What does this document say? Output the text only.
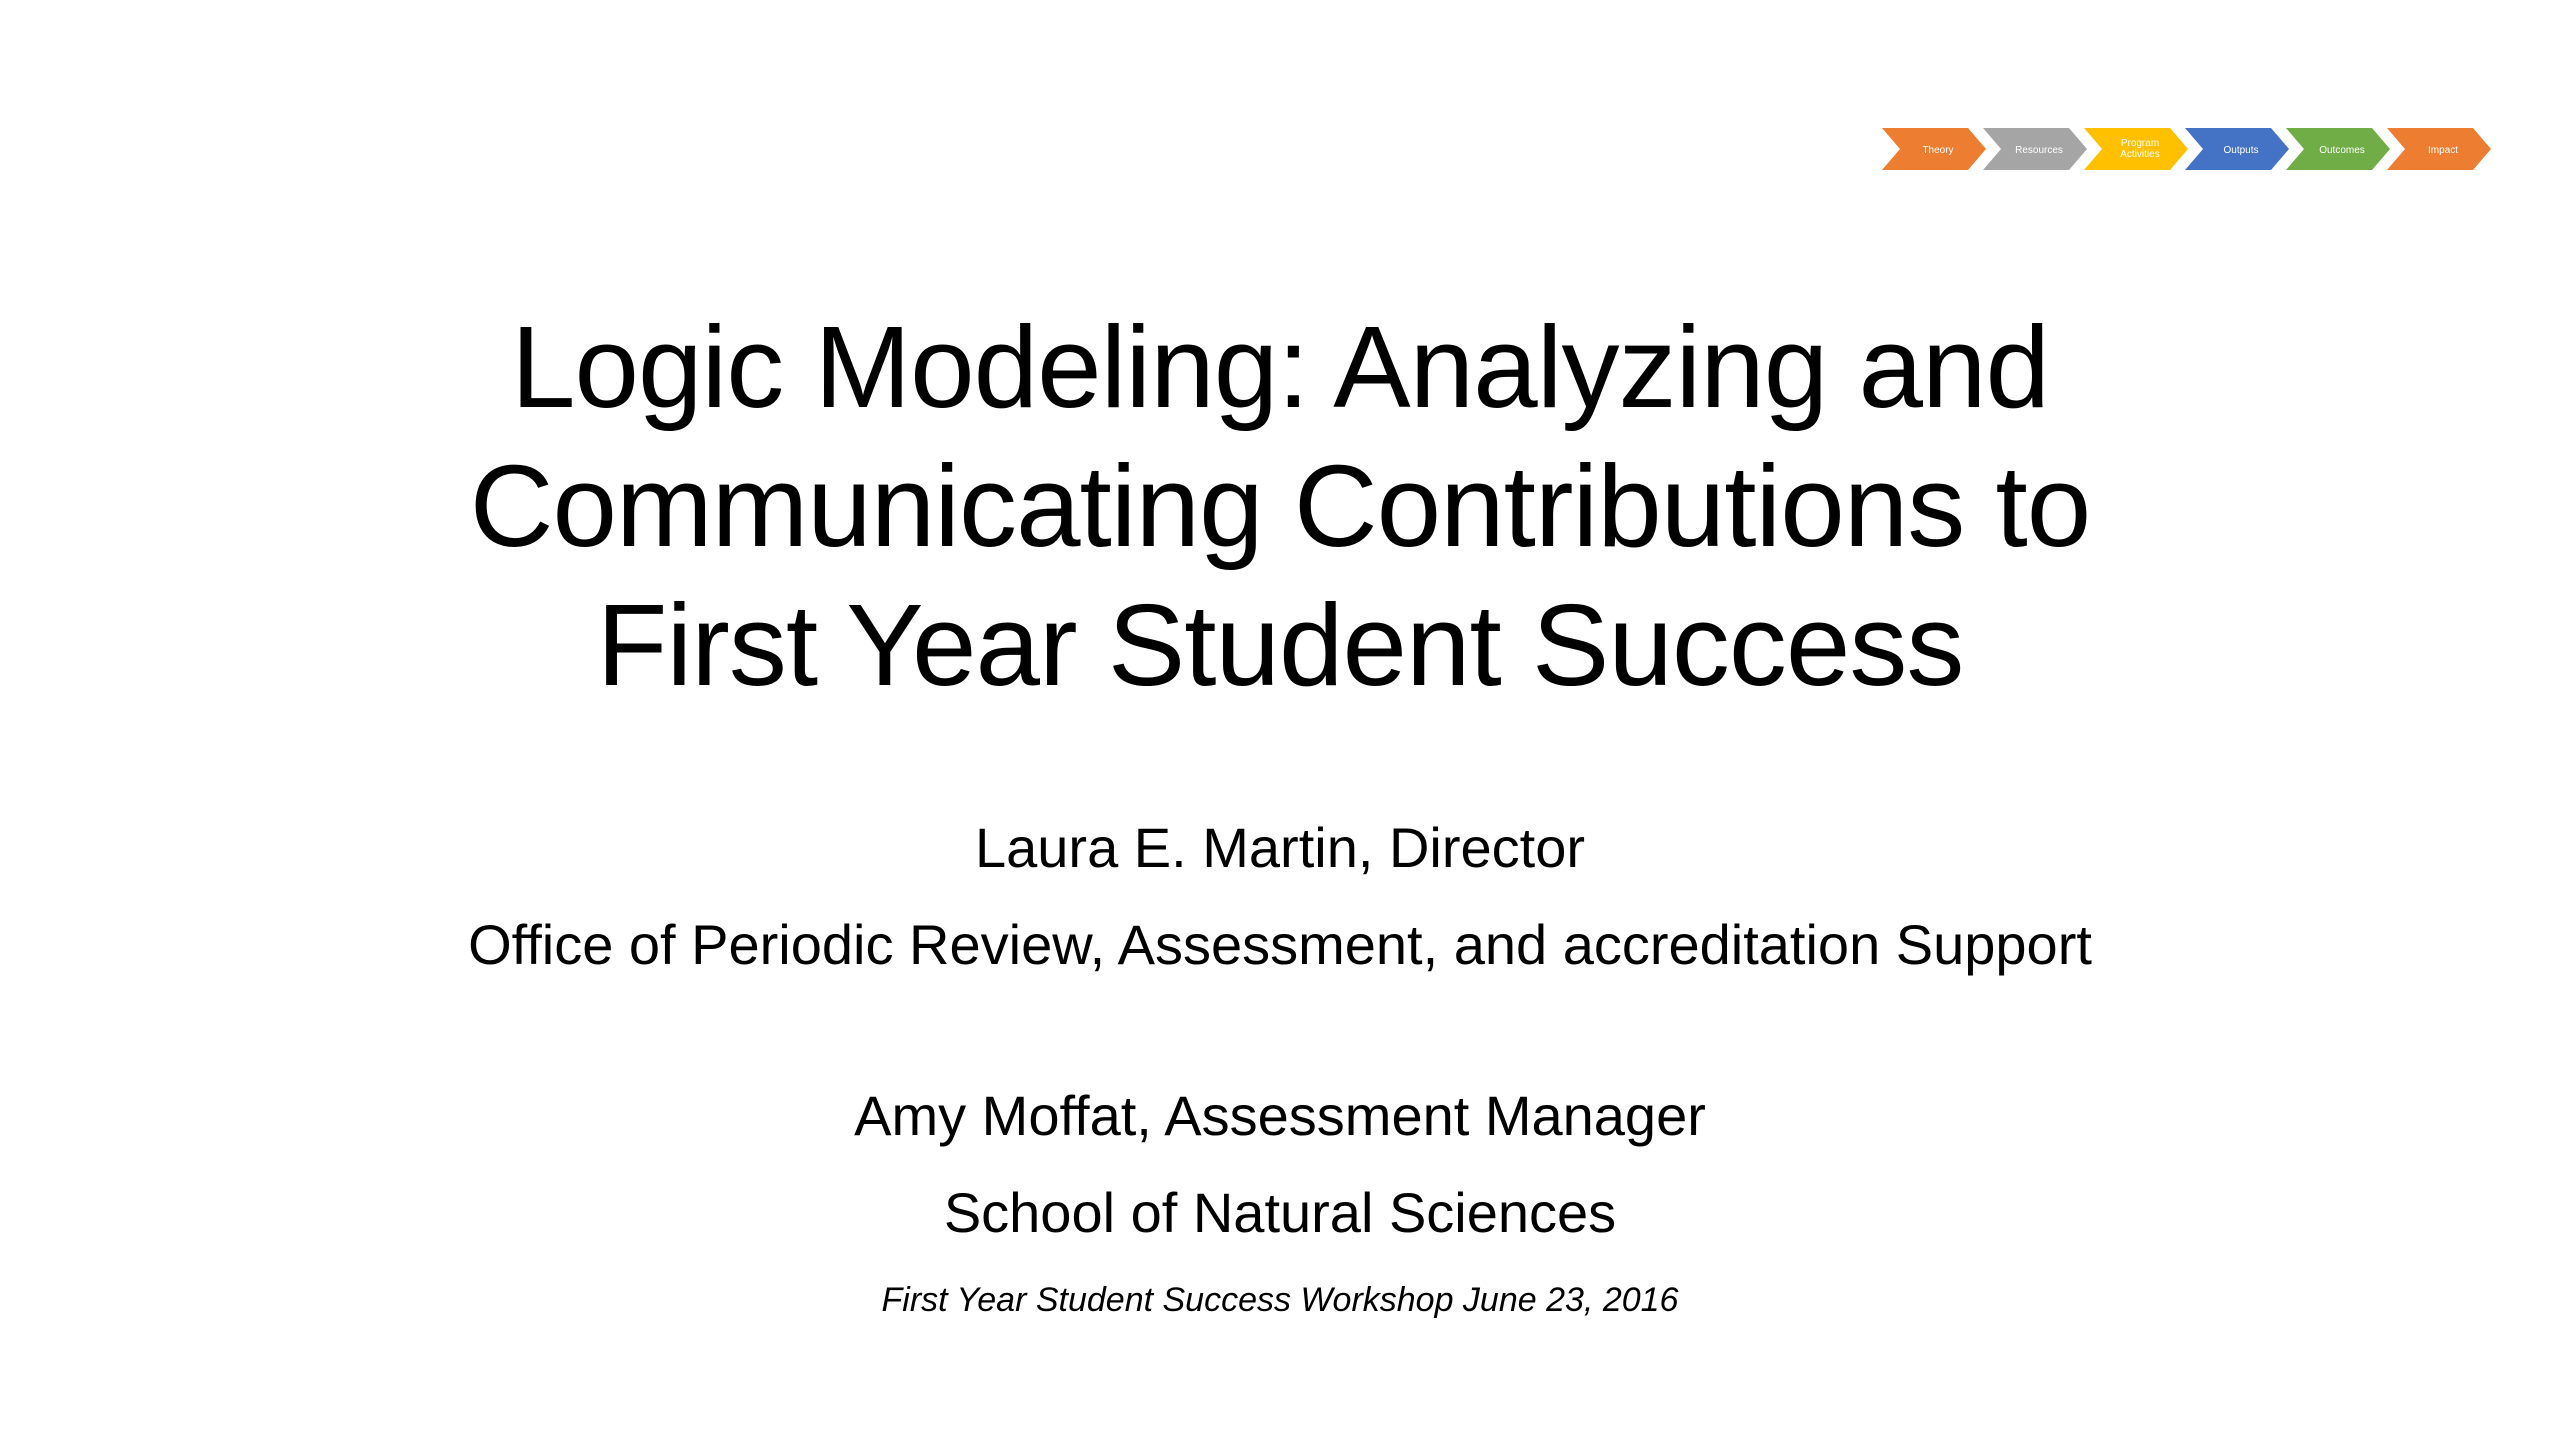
Theory	Resources
Program
Activities	Outputs	Outcomes	Impact
Logic Modeling: Analyzing and
Communicating Contributions to
First Year Student Success
Laura E. Martin, Director
Office of Periodic Review, Assessment, and accreditation Support
Amy Moffat, Assessment Manager
School of Natural Sciences
First Year Student Success Workshop June 23, 2016
